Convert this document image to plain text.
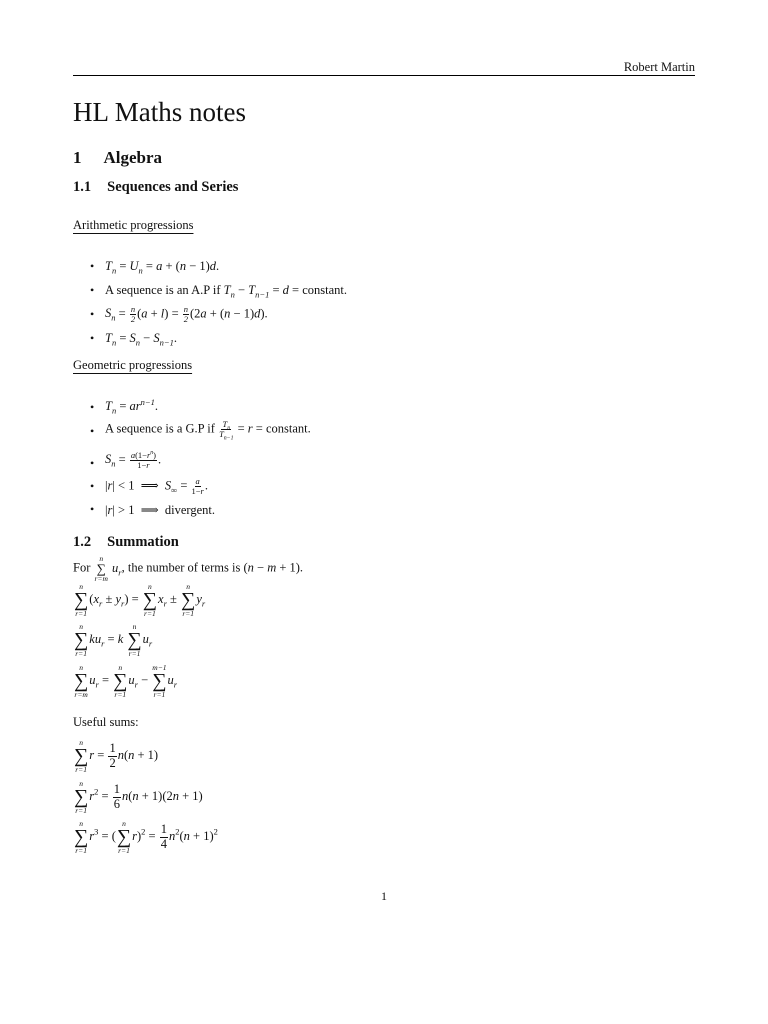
Robert Martin
HL Maths notes
1 Algebra
1.1 Sequences and Series
Arithmetic progressions
• $T_n = U_n = a + (n - 1)d$.
• A sequence is an A.P if $T_n - T_{n-1} = d$ = constant.
• $S_n = \frac{n}{2} (a + l) = \frac{n}{2} (2a + (n - 1)d)$.
• $T_n = S_n - S_{n-1}$.
Geometric progressions
• $T_n = ar^{n-1}$.
• A sequence is a G.P if $\frac{T_n}{T_{n-1}} = r$ = constant.
• $S_n = \frac{a(1-r^n)}{1-r}$ .
• |r| < 1  ⟹  $S_\infty = \frac{a}{1-r}$ .
• |r| > 1  ⟹  divergent.
1.2 Summation
For
n
∑
r=m
$u_r$, the number of terms is (n − m + 1).
n
∑
r=1
$(x_r \pm y_r)$ =
n
∑
r=1
$x_r$ ±
n
∑
r=1
$y_r$
n
∑
r=1
$ku_r = k$
n
∑
r=1
$u_r$
n
∑
r=m
$u_r$ =
n
∑
r=1
$u_r$ −
m−1
∑
r=1
$u_r$
Useful sums:
n
∑
r=1
$r = \frac{1}{2} n(n + 1)$
n
∑
r=1
$r^2 = \frac{1}{6} n(n + 1)(2n + 1)$
n
∑
r=1
$r^3$ = (
n
∑
r=1
$r)^2 = \frac{1}{4} n^2(n + 1)^2$
1
